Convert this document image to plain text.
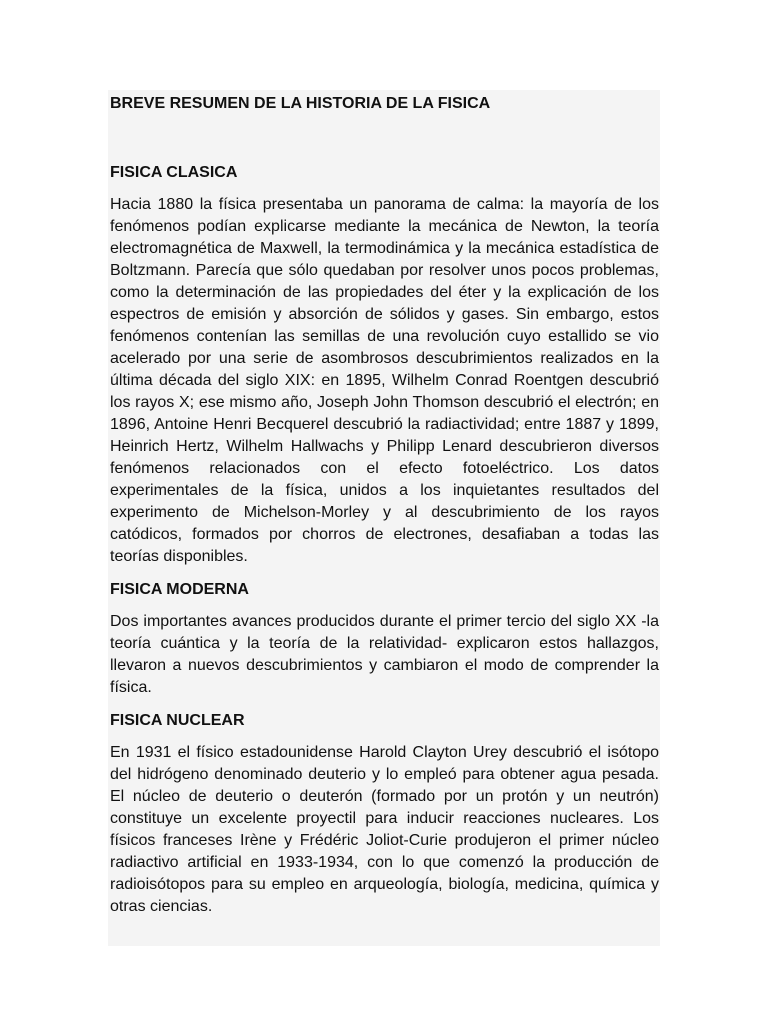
BREVE RESUMEN DE LA HISTORIA DE LA FISICA
FISICA CLASICA

Hacia 1880 la física presentaba un panorama de calma: la mayoría de los fenómenos podían explicarse mediante la mecánica de Newton, la teoría electromagnética de Maxwell, la termodinámica y la mecánica estadística de Boltzmann. Parecía que sólo quedaban por resolver unos pocos problemas, como la determinación de las propiedades del éter y la explicación de los espectros de emisión y absorción de sólidos y gases. Sin embargo, estos fenómenos contenían las semillas de una revolución cuyo estallido se vio acelerado por una serie de asombrosos descubrimientos realizados en la última década del siglo XIX: en 1895, Wilhelm Conrad Roentgen descubrió los rayos X; ese mismo año, Joseph John Thomson descubrió el electrón; en 1896, Antoine Henri Becquerel descubrió la radiactividad; entre 1887 y 1899, Heinrich Hertz, Wilhelm Hallwachs y Philipp Lenard descubrieron diversos fenómenos relacionados con el efecto fotoeléctrico. Los datos experimentales de la física, unidos a los inquietantes resultados del experimento de Michelson-Morley y al descubrimiento de los rayos catódicos, formados por chorros de electrones, desafiaban a todas las teorías disponibles.

FISICA MODERNA

Dos importantes avances producidos durante el primer tercio del siglo XX -la teoría cuántica y la teoría de la relatividad- explicaron estos hallazgos, llevaron a nuevos descubrimientos y cambiaron el modo de comprender la física.

FISICA NUCLEAR

En 1931 el físico estadounidense Harold Clayton Urey descubrió el isótopo del hidrógeno denominado deuterio y lo empleó para obtener agua pesada. El núcleo de deuterio o deuterón (formado por un protón y un neutrón) constituye un excelente proyectil para inducir reacciones nucleares. Los físicos franceses Irène y Frédéric Joliot-Curie produjeron el primer núcleo radiactivo artificial en 1933-1934, con lo que comenzó la producción de radioisótopos para su empleo en arqueología, biología, medicina, química y otras ciencias.
